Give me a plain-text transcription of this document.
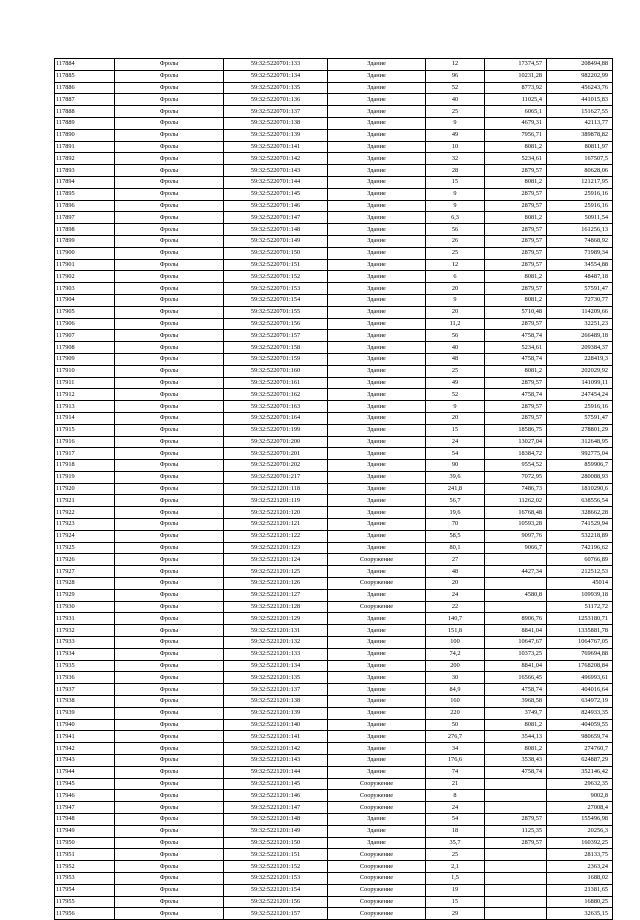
117884	Фролы	59:32:5220701:133	Здание	12	17374,57	208494,88
117885	Фролы	59:32:5220701:134	Здание	96	10231,28	982202,99
117886	Фролы	59:32:5220701:135	Здание	52	8773,92	456243,76
117887	Фролы	59:32:5220701:136	Здание	40	11025,4	441015,83
117888	Фролы	59:32:5220701:137	Здание	25	6065,1	151627,55
117889	Фролы	59:32:5220701:138	Здание	9	4679,31	42113,77
117890	Фролы	59:32:5220701:139	Здание	49	7956,71	389878,82
117891	Фролы	59:32:5220701:141	Здание	10	8081,2	80811,97
117892	Фролы	59:32:5220701:142	Здание	32	5234,61	167507,5
117893	Фролы	59:32:5220701:143	Здание	28	2879,57	80628,06
117894	Фролы	59:32:5220701:144	Здание	15	8081,2	121217,95
117895	Фролы	59:32:5220701:145	Здание	9	2879,57	25916,16
117896	Фролы	59:32:5220701:146	Здание	9	2879,57	25916,16
117897	Фролы	59:32:5220701:147	Здание	6,3	8081,2	50911,54
117898	Фролы	59:32:5220701:148	Здание	56	2879,57	161256,13
117899	Фролы	59:32:5220701:149	Здание	26	2879,57	74868,92
117900	Фролы	59:32:5220701:150	Здание	25	2879,57	71989,34
117901	Фролы	59:32:5220701:151	Здание	12	2879,57	34554,88
117902	Фролы	59:32:5220701:152	Здание	6	8081,2	48487,18
117903	Фролы	59:32:5220701:153	Здание	20	2879,57	57591,47
117904	Фролы	59:32:5220701:154	Здание	9	8081,2	72730,77
117905	Фролы	59:32:5220701:155	Здание	20	5710,48	114209,66
117906	Фролы	59:32:5220701:156	Здание	11,2	2879,57	32251,23
117907	Фролы	59:32:5220701:157	Здание	56	4758,74	266489,18
117908	Фролы	59:32:5220701:158	Здание	40	5234,61	209384,37
117909	Фролы	59:32:5220701:159	Здание	48	4758,74	228419,3
117910	Фролы	59:32:5220701:160	Здание	25	8081,2	202029,92
117911	Фролы	59:32:5220701:161	Здание	49	2879,57	141099,11
117912	Фролы	59:32:5220701:162	Здание	52	4758,74	247454,24
117913	Фролы	59:32:5220701:163	Здание	9	2879,57	25916,16
117914	Фролы	59:32:5220701:164	Здание	20	2879,57	57591,47
117915	Фролы	59:32:5220701:199	Здание	15	18586,75	278801,29
117916	Фролы	59:32:5220701:200	Здание	24	13027,04	312648,95
117917	Фролы	59:32:5220701:201	Здание	54	18384,72	992775,04
117918	Фролы	59:32:5220701:202	Здание	90	9554,52	859906,7
117919	Фролы	59:32:5220701:217	Здание	39,6	7072,95	280088,93
117920	Фролы	59:32:5221201:118	Здание	241,8	7486,73	1810290,6
117921	Фролы	59:32:5221201:119	Здание	56,7	11262,02	638556,54
117922	Фролы	59:32:5221201:120	Здание	19,6	16768,48	328662,28
117923	Фролы	59:32:5221201:121	Здание	70	10593,28	741529,94
117924	Фролы	59:32:5221201:122	Здание	58,5	9097,76	532218,89
117925	Фролы	59:32:5221201:123	Здание	80,1	9066,7	742196,62
117926	Фролы	59:32:5221201:124	Сооружение	27		60766,89
117927	Фролы	59:32:5221201:125	Здание	48	4427,34	212512,53
117928	Фролы	59:32:5221201:126	Сооружение	20		45014
117929	Фролы	59:32:5221201:127	Здание	24	4580,8	109939,18
117930	Фролы	59:32:5221201:128	Сооружение	22		51172,72
117931	Фролы	59:32:5221201:129	Здание	140,7	8906,76	1253180,71
117932	Фролы	59:32:5221201:131	Здание	151,8	8841,04	1335881,78
117933	Фролы	59:32:5221201:132	Здание	100	10647,67	1064767,05
117934	Фролы	59:32:5221201:133	Здание	74,2	10373,25	769694,88
117935	Фролы	59:32:5221201:134	Здание	200	8841,04	1768208,84
117936	Фролы	59:32:5221201:135	Здание	30	16566,45	496993,61
117937	Фролы	59:32:5221201:137	Здание	84,9	4758,74	404016,64
117938	Фролы	59:32:5221201:138	Здание	160	3968,58	634972,19
117939	Фролы	59:32:5221201:139	Здание	220	3749,7	824933,35
117940	Фролы	59:32:5221201:140	Здание	50	8081,2	404059,55
117941	Фролы	59:32:5221201:141	Здание	276,7	3544,13	980659,74
117942	Фролы	59:32:5221201:142	Здание	34	8081,2	274760,7
117943	Фролы	59:32:5221201:143	Здание	176,6	3538,43	624887,29
117944	Фролы	59:32:5221201:144	Здание	74	4758,74	352146,42
117945	Фролы	59:32:5221201:145	Сооружение	21		29632,35
117946	Фролы	59:32:5221201:146	Сооружение	8		9002,8
117947	Фролы	59:32:5221201:147	Сооружение	24		27008,4
117948	Фролы	59:32:5221201:148	Здание	54	2879,57	155496,98
117949	Фролы	59:32:5221201:149	Здание	18	1125,35	20256,3
117950	Фролы	59:32:5221201:150	Здание	35,7	2879,57	160392,25
117951	Фролы	59:32:5221201:151	Сооружение	25		28133,75
117952	Фролы	59:32:5221201:152	Сооружение	2,1		2363,24
117953	Фролы	59:32:5221201:153	Сооружение	1,5		1688,02
117954	Фролы	59:32:5221201:154	Сооружение	19		21381,65
117955	Фролы	59:32:5221201:156	Сооружение	15		16880,25
117956	Фролы	59:32:5221201:157	Сооружение	29		32635,15
